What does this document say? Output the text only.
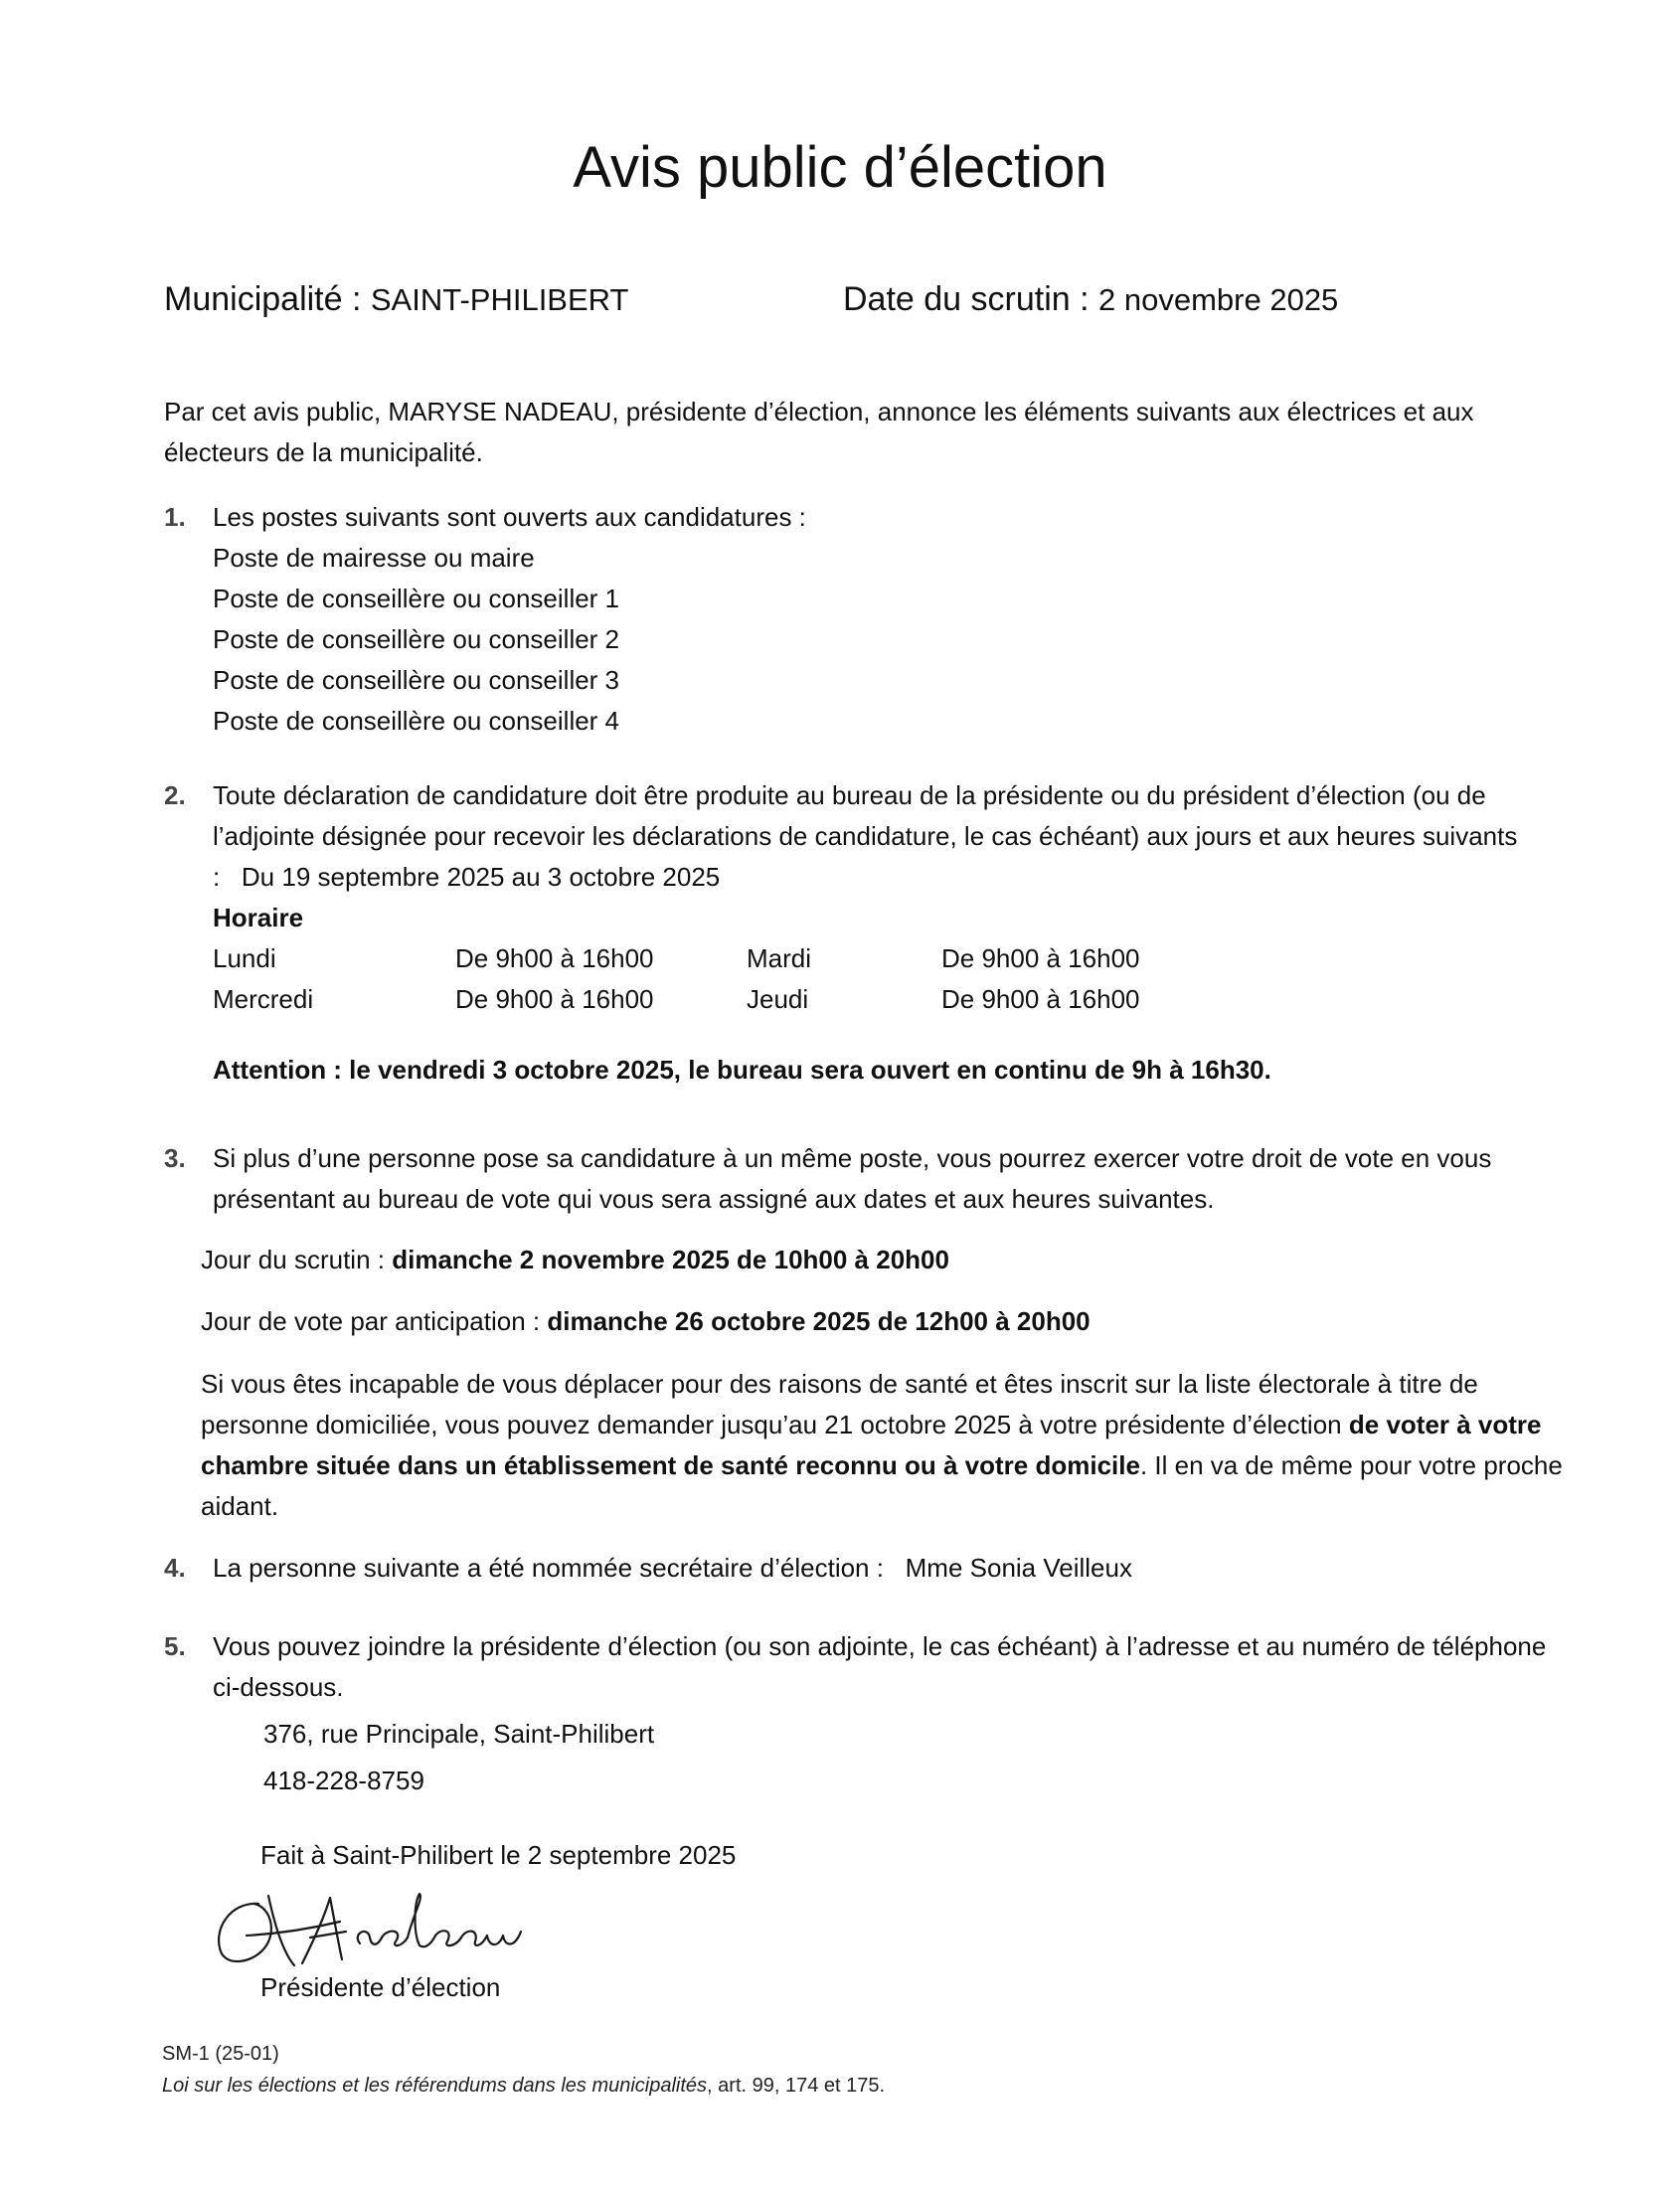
Avis public d’élection
Municipalité : SAINT-PHILIBERT	Date du scrutin : 2 novembre 2025
Par cet avis public, MARYSE NADEAU, présidente d’élection, annonce les éléments suivants aux électrices et aux électeurs de la municipalité.
1. Les postes suivants sont ouverts aux candidatures :
Poste de mairesse ou maire
Poste de conseillère ou conseiller 1
Poste de conseillère ou conseiller 2
Poste de conseillère ou conseiller 3
Poste de conseillère ou conseiller 4
2. Toute déclaration de candidature doit être produite au bureau de la présidente ou du président d’élection (ou de l’adjointe désignée pour recevoir les déclarations de candidature, le cas échéant) aux jours et aux heures suivants : Du 19 septembre 2025 au 3 octobre 2025
Horaire
Lundi	De 9h00 à 16h00	Mardi	De 9h00 à 16h00
Mercredi	De 9h00 à 16h00	Jeudi	De 9h00 à 16h00
Attention : le vendredi 3 octobre 2025, le bureau sera ouvert en continu de 9h à 16h30.
3. Si plus d’une personne pose sa candidature à un même poste, vous pourrez exercer votre droit de vote en vous présentant au bureau de vote qui vous sera assigné aux dates et aux heures suivantes.
Jour du scrutin : dimanche 2 novembre 2025 de 10h00 à 20h00
Jour de vote par anticipation : dimanche 26 octobre 2025 de 12h00 à 20h00
Si vous êtes incapable de vous déplacer pour des raisons de santé et êtes inscrit sur la liste électorale à titre de personne domiciliée, vous pouvez demander jusqu’au 21 octobre 2025 à votre présidente d’élection de voter à votre chambre située dans un établissement de santé reconnu ou à votre domicile. Il en va de même pour votre proche aidant.
4. La personne suivante a été nommée secrétaire d’élection : Mme Sonia Veilleux
5. Vous pouvez joindre la présidente d’élection (ou son adjointe, le cas échéant) à l’adresse et au numéro de téléphone ci-dessous.
376, rue Principale, Saint-Philibert
418-228-8759
Fait à Saint-Philibert le 2 septembre 2025
Présidente d’élection
SM-1 (25-01)
Loi sur les élections et les référendums dans les municipalités, art. 99, 174 et 175.
